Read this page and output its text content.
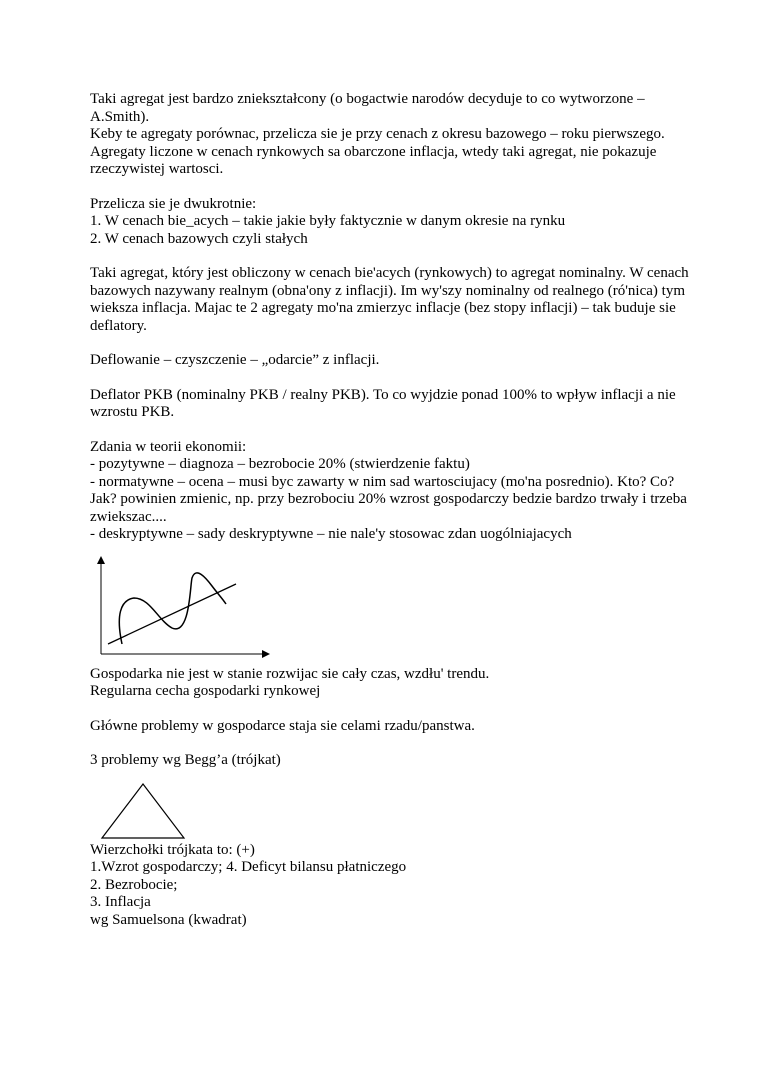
Taki agregat jest bardzo zniekształcony (o bogactwie narodów decyduje to co wytworzone – A.Smith).

Keby te agregaty porównac, przelicza sie je przy cenach z okresu bazowego – roku pierwszego.

Agregaty liczone w cenach rynkowych sa obarczone inflacja, wtedy taki agregat, nie pokazuje rzeczywistej wartosci.

Przelicza sie je dwukrotnie:

1. W cenach bie_acych – takie jakie były faktycznie w danym okresie na rynku

2. W cenach bazowych czyli stałych

Taki agregat, który jest obliczony w cenach bie'acych (rynkowych) to agregat nominalny. W cenach bazowych nazywany realnym (obna'ony z inflacji). Im wy'szy nominalny od realnego (ró'nica) tym wieksza inflacja. Majac te 2 agregaty mo'na zmierzyc inflacje (bez stopy inflacji) – tak buduje sie deflatory.

Deflowanie – czyszczenie – „odarcie” z inflacji.

Deflator PKB (nominalny PKB / realny PKB). To co wyjdzie ponad 100% to wpływ inflacji a nie wzrostu PKB.

Zdania w teorii ekonomii:

- pozytywne – diagnoza – bezrobocie 20% (stwierdzenie faktu)

- normatywne – ocena – musi byc zawarty w nim sad wartosciujacy (mo'na posrednio). Kto? Co? Jak? powinien zmienic, np. przy bezrobociu 20% wzrost gospodarczy bedzie bardzo trwały i trzeba zwiekszac....

- deskryptywne – sady deskryptywne – nie nale'y stosowac zdan uogólniajacych

Gospodarka nie jest w stanie rozwijac sie cały czas, wzdłu' trendu.

Regularna cecha gospodarki rynkowej

Główne problemy w gospodarce staja sie celami rzadu/panstwa.

3 problemy wg Begg’a (trójkat)

Wierzchołki trójkata to: (+)

1.Wzrot gospodarczy; 4. Deficyt bilansu płatniczego

2. Bezrobocie;

3. Inflacja

wg Samuelsona (kwadrat)
